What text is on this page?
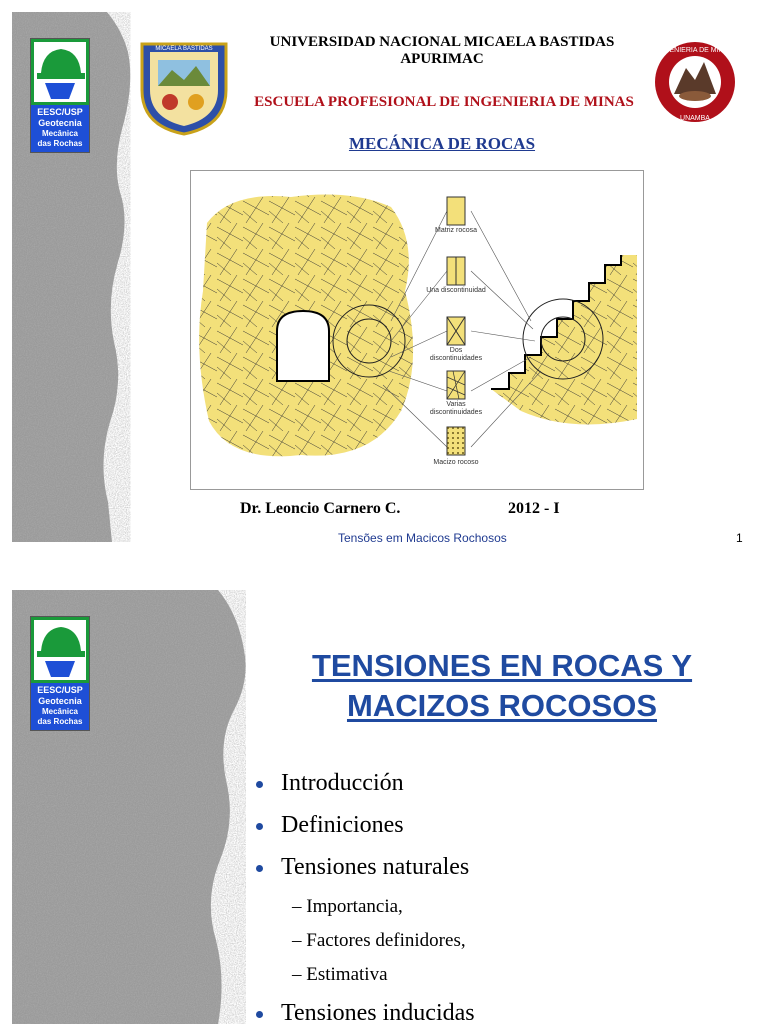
EESC/USP
Geotecnia
Mecânica
das Rochas
MICAELA BASTIDAS	UNIVERSIDAD NACIONAL MICAELA BASTIDAS
APURIMAC
ESCUELA PROFESIONAL DE INGENIERIA DE MINAS
INGENIERIA DE MINAS
UNAMBA
MECÁNICA DE ROCAS
Matriz rocosa
Una discontinuidad
Dos discontinuidades
Varias discontinuidades
Macizo rocoso
Dr. Leoncio Carnero C.	2012 - I
Tensões em Macicos Rochosos	1
EESC/USP
Geotecnia
Mecânica
das Rochas
TENSIONES EN ROCAS Y
MACIZOS ROCOSOS
Introducción
Definiciones
Tensiones naturales
– Importancia,
– Factores definidores,
– Estimativa
Tensiones inducidas
